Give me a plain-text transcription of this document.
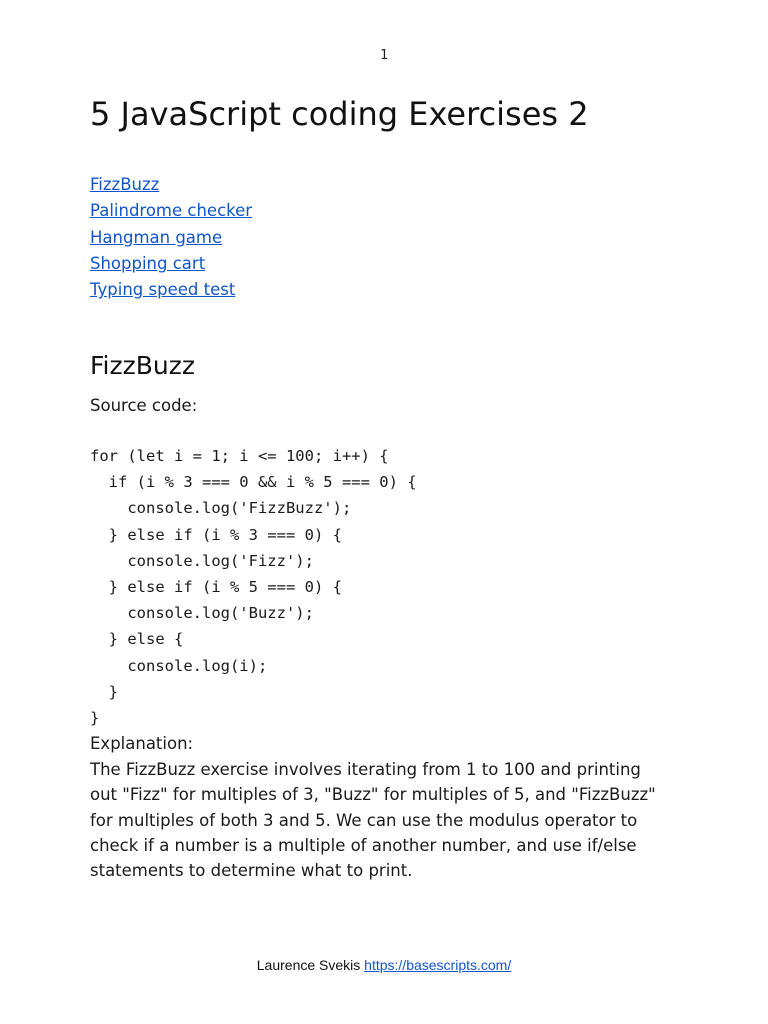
1
5 JavaScript coding Exercises 2
FizzBuzz
Palindrome checker
Hangman game
Shopping cart
Typing speed test
FizzBuzz
Source code:
for (let i = 1; i <= 100; i++) {
if (i % 3 === 0 && i % 5 === 0) {
console.log('FizzBuzz');
} else if (i % 3 === 0) {
console.log('Fizz');
} else if (i % 5 === 0) {
console.log('Buzz');
} else {
console.log(i);
}
}
Explanation:

The FizzBuzz exercise involves iterating from 1 to 100 and printing out "Fizz" for multiples of 3, "Buzz" for multiples of 5, and "FizzBuzz" for multiples of both 3 and 5. We can use the modulus operator to check if a number is a multiple of another number, and use if/else statements to determine what to print.

Laurence Svekis https://basescripts.com/
